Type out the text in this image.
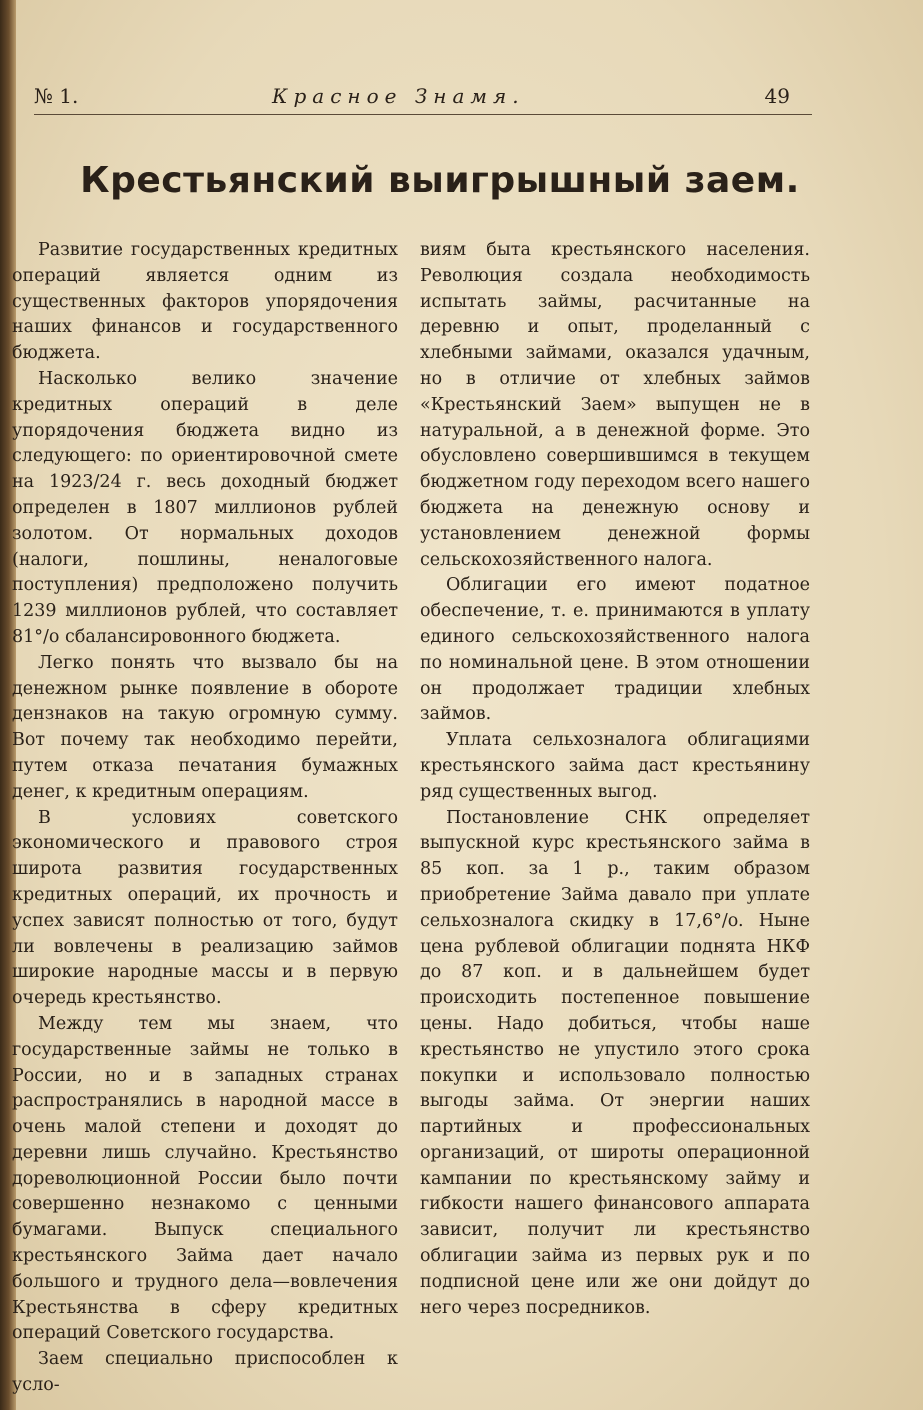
№ 1.	Красное Знамя.	49
Крестьянский выигрышный заем.

Развитие государственных кредитных операций является одним из существенных факторов упорядочения наших финансов и государственного бюджета.

Насколько велико значение кредитных операций в деле упорядочения бюджета видно из следующего: по ориентировочной смете на 1923/24 г. весь доходный бюджет определен в 1807 миллионов рублей золотом. От нормальных доходов (налоги, пошлины, неналоговые поступления) предположено получить 1239 миллионов рублей, что составляет 81°/o сбалансировонного бюджета.

Легко понять что вызвало бы на денежном рынке появление в обороте дензнаков на такую огромную сумму. Вот почему так необходимо перейти, путем отказа печатания бумажных денег, к кредитным операциям.

В условиях советского экономического и правового строя широта развития государственных кредитных операций, их прочность и успех зависят полностью от того, будут ли вовлечены в реализацию займов широкие народные массы и в первую очередь крестьянство.

Между тем мы знаем, что государственные займы не только в России, но и в западных странах распространялись в народной массе в очень малой степени и доходят до деревни лишь случайно. Крестьянство дореволюционной России было почти совершенно незнакомо с ценными бумагами. Выпуск специального крестьянского Займа дает начало большого и трудного дела—вовлечения Крестьянства в сферу кредитных операций Советского государства.

Заем специально приспособлен к усло-

виям быта крестьянского населения. Революция создала необходимость испытать займы, расчитанные на деревню и опыт, проделанный с хлебными займами, оказался удачным, но в отличие от хлебных займов «Крестьянский Заем» выпущен не в натуральной, а в денежной форме. Это обусловлено совершившимся в текущем бюджетном году переходом всего нашего бюджета на денежную основу и установлением денежной формы сельскохозяйственного налога.

Облигации его имеют податное обеспечение, т. е. принимаются в уплату единого сельскохозяйственного налога по номинальной цене. В этом отношении он продолжает традиции хлебных займов.

Уплата сельхозналога облигациями крестьянского займа даст крестьянину ряд существенных выгод.

Постановление СНК определяет выпускной курс крестьянского займа в 85 коп. за 1 р., таким образом приобретение Займа давало при уплате сельхозналога скидку в 17,6°/o. Ныне цена рублевой облигации поднята НКФ до 87 коп. и в дальнейшем будет происходить постепенное повышение цены. Надо добиться, чтобы наше крестьянство не упустило этого срока покупки и использовало полностью выгоды займа. От энергии наших партийных и профессиональных организаций, от широты операционной кампании по крестьянскому займу и гибкости нашего финансового аппарата зависит, получит ли крестьянство облигации займа из первых рук и по подписной цене или же они дойдут до него через посредников.
